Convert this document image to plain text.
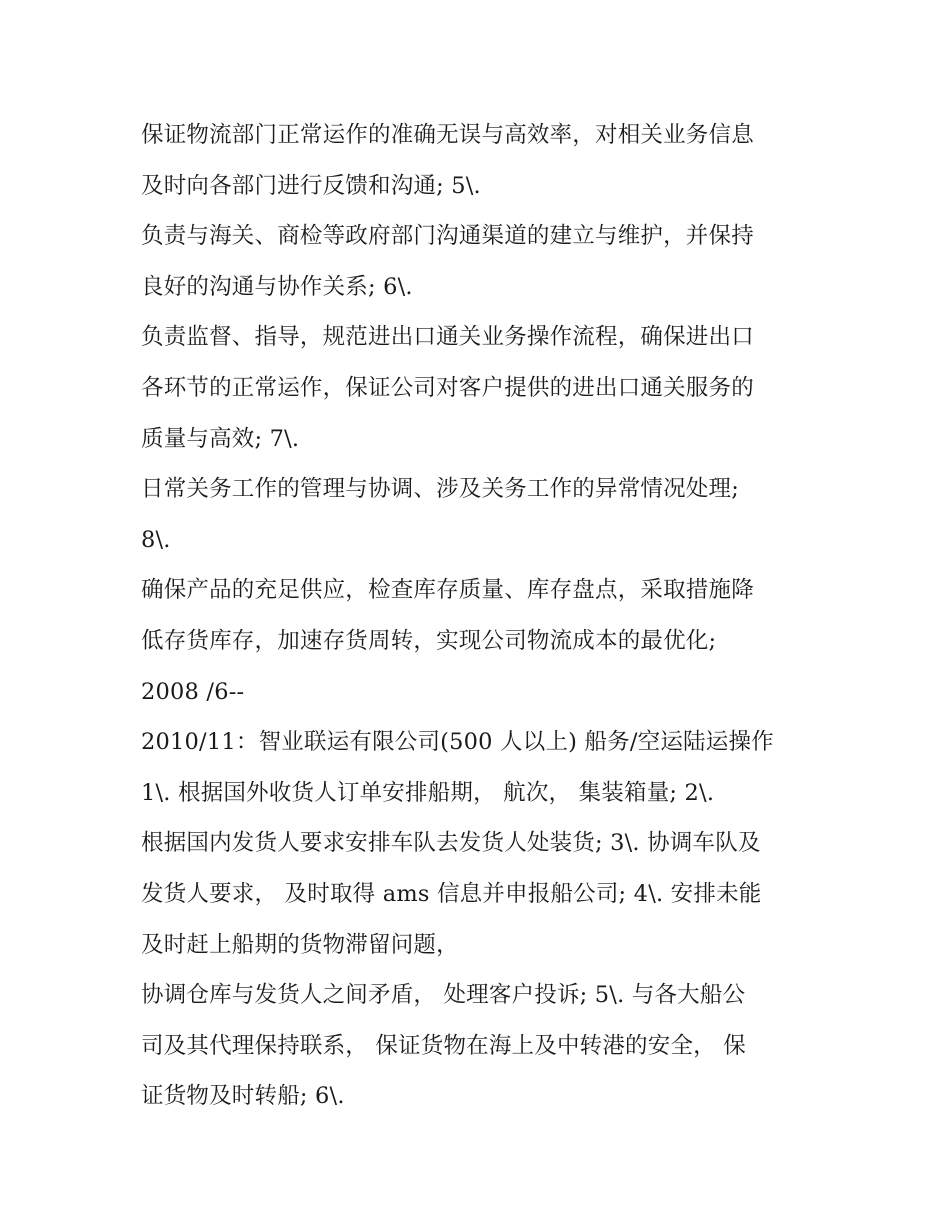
保证物流部门正常运作的准确无误与高效率，对相关业务信息
及时向各部门进行反馈和沟通; 5\.
负责与海关、商检等政府部门沟通渠道的建立与维护，并保持
良好的沟通与协作关系; 6\.
负责监督、指导，规范进出口通关业务操作流程，确保进出口
各环节的正常运作，保证公司对客户提供的进出口通关服务的
质量与高效; 7\.
日常关务工作的管理与协调、涉及关务工作的异常情况处理;
8\.
确保产品的充足供应，检查库存质量、库存盘点，采取措施降
低存货库存，加速存货周转，实现公司物流成本的最优化;
2008 /6--
2010/11：智业联运有限公司(500 人以上) 船务/空运陆运操作
1\. 根据国外收货人订单安排船期， 航次， 集装箱量; 2\.
根据国内发货人要求安排车队去发货人处装货; 3\. 协调车队及
发货人要求， 及时取得 ams 信息并申报船公司; 4\. 安排未能
及时赶上船期的货物滞留问题，
协调仓库与发货人之间矛盾， 处理客户投诉; 5\. 与各大船公
司及其代理保持联系， 保证货物在海上及中转港的安全， 保
证货物及时转船; 6\.
